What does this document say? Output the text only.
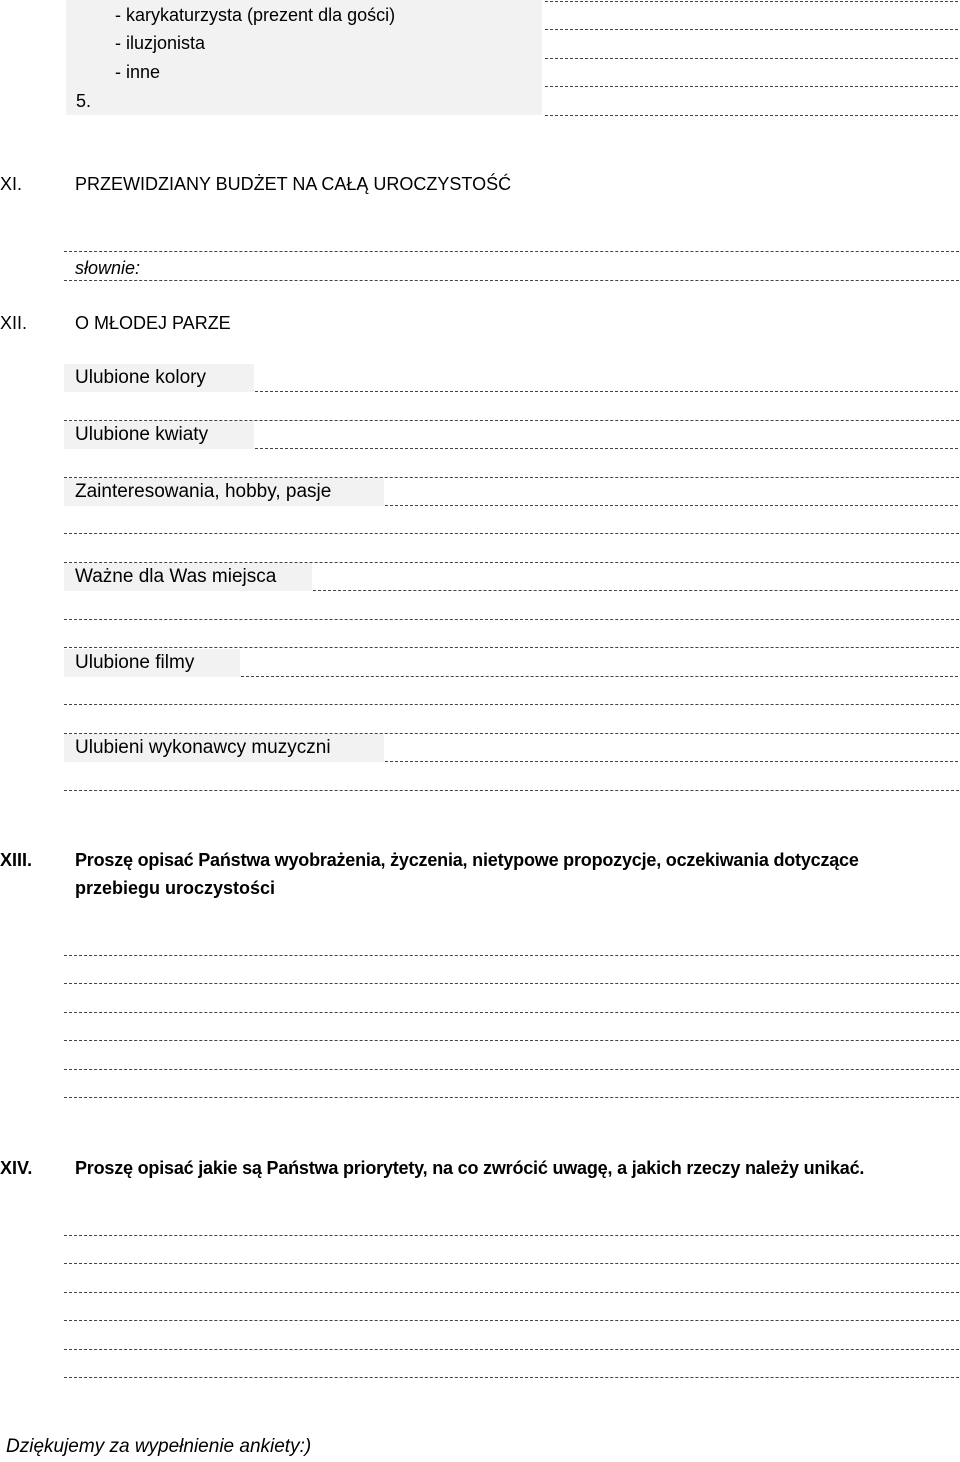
- karykaturzysta (prezent dla gości)
- iluzjonista
- inne
5.
XI.	PRZEWIDZIANY BUDŻET NA CAŁĄ UROCZYSTOŚĆ
słownie:
XII.	O MŁODEJ PARZE
Ulubione kolory
Ulubione kwiaty
Zainteresowania, hobby, pasje
Ważne dla Was miejsca
Ulubione filmy
Ulubieni wykonawcy muzyczni
XIII. Proszę opisać Państwa wyobrażenia, życzenia, nietypowe propozycje, oczekiwania dotyczące
przebiegu uroczystości
XIV. Proszę opisać jakie są Państwa priorytety, na co zwrócić uwagę, a jakich rzeczy należy unikać.
Dziękujemy za wypełnienie ankiety:)
